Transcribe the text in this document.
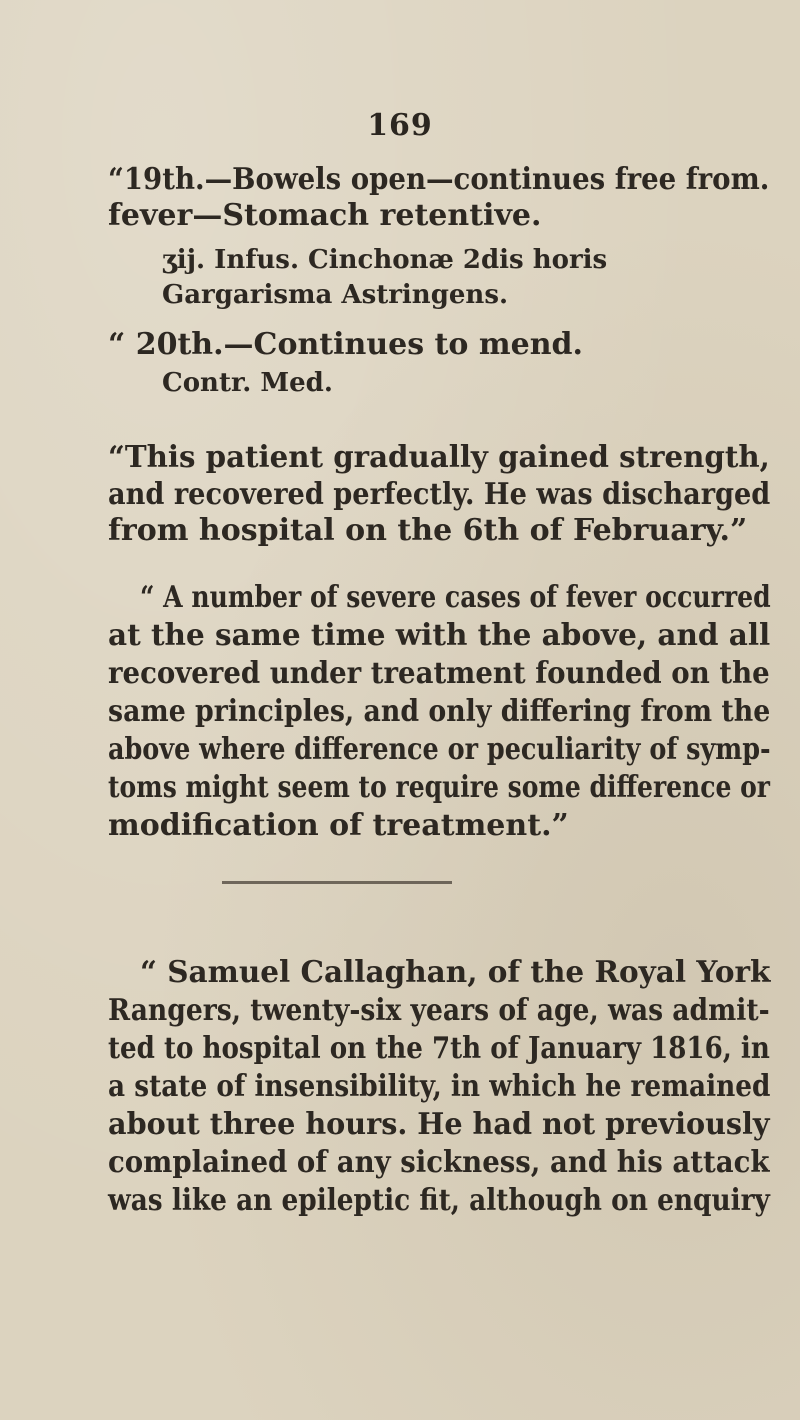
169
“19th.—Bowels open—continues free from.
fever—Stomach retentive.
ʒij. Infus. Cinchonæ 2dis horis
Gargarisma Astringens.
“ 20th.—Continues to mend.
Contr. Med.
“This patient gradually gained strength,
and recovered perfectly. He was discharged
from hospital on the 6th of February.”
“ A number of severe cases of fever occurred
at the same time with the above, and all
recovered under treatment founded on the
same principles, and only differing from the
above where difference or peculiarity of symp-
toms might seem to require some difference or
modification of treatment.”
“ Samuel Callaghan, of the Royal York
Rangers, twenty-six years of age, was admit-
ted to hospital on the 7th of January 1816, in
a state of insensibility, in which he remained
about three hours. He had not previously
complained of any sickness, and his attack
was like an epileptic fit, although on enquiry
